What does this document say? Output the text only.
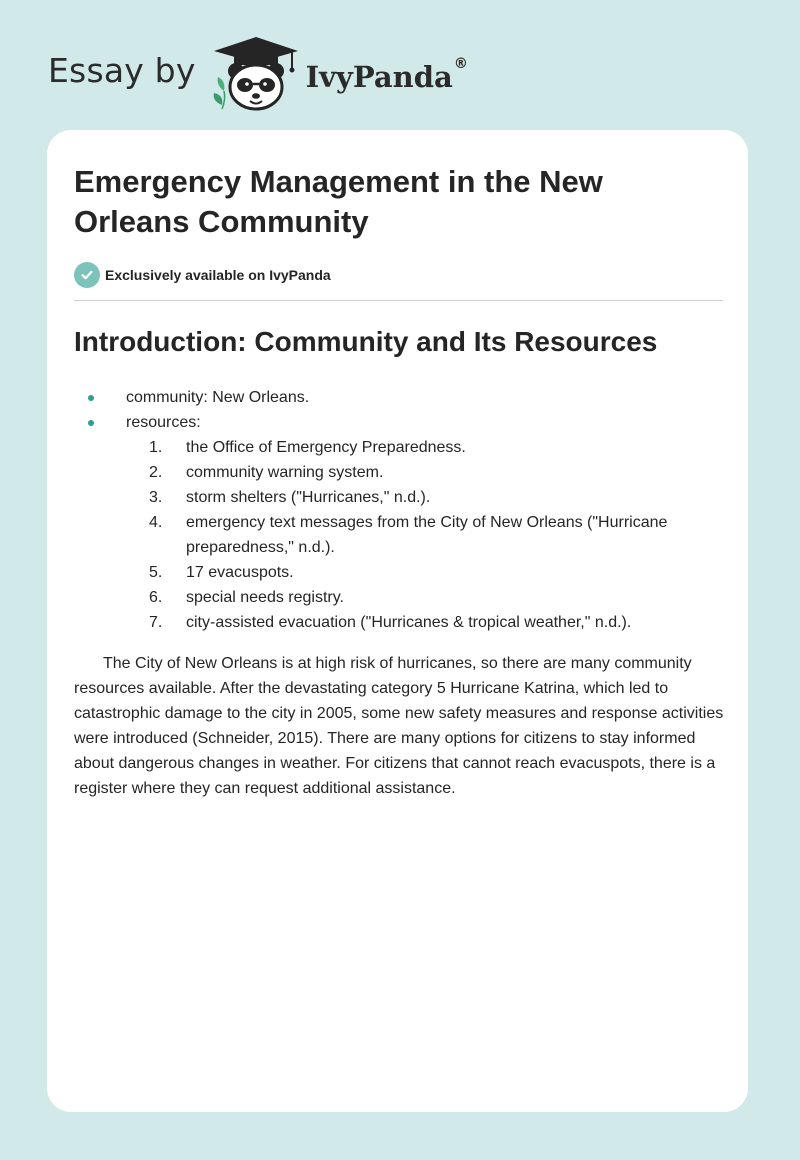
Essay by	IvyPanda®
Emergency Management in the New Orleans Community
Exclusively available on IvyPanda
Introduction: Community and Its Resources
community: New Orleans.
resources:
1. the Office of Emergency Preparedness.
2. community warning system.
3. storm shelters ("Hurricanes," n.d.).
4. emergency text messages from the City of New Orleans ("Hurricane preparedness," n.d.).
5. 17 evacuspots.
6. special needs registry.
7. city-assisted evacuation ("Hurricanes & tropical weather," n.d.).

The City of New Orleans is at high risk of hurricanes, so there are many community resources available. After the devastating category 5 Hurricane Katrina, which led to catastrophic damage to the city in 2005, some new safety measures and response activities were introduced (Schneider, 2015). There are many options for citizens to stay informed about dangerous changes in weather. For citizens that cannot reach evacuspots, there is a register where they can request additional assistance.
